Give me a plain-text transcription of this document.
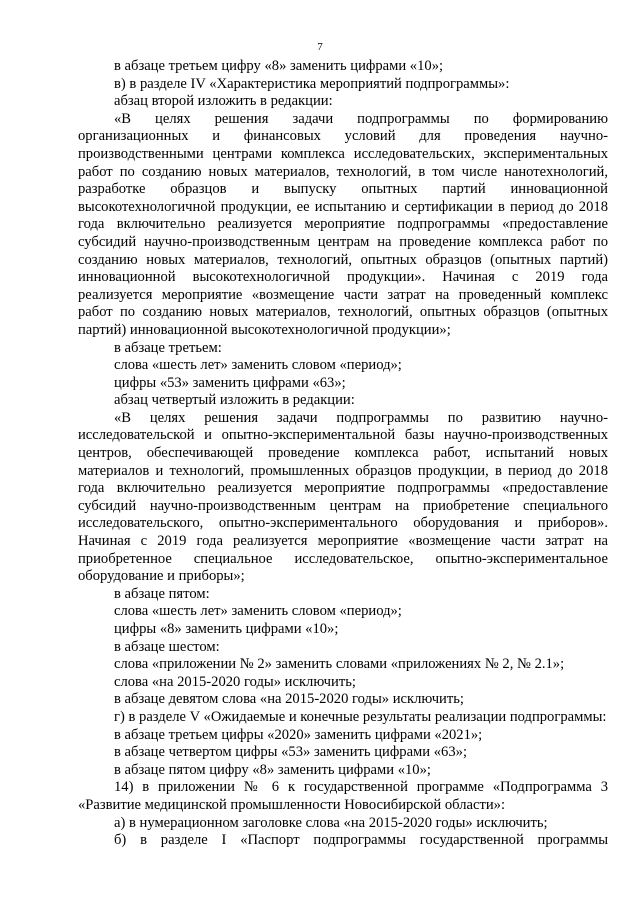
7
в абзаце третьем цифру «8» заменить цифрами «10»;
в) в разделе IV «Характеристика мероприятий подпрограммы»:
абзац второй изложить в редакции:
«В целях решения задачи подпрограммы по формированию
организационных и финансовых условий для проведения научно-
производственными центрами комплекса исследовательских, экспериментальных
работ по созданию новых материалов, технологий, в том числе нанотехнологий,
разработке образцов и выпуску опытных партий инновационной
высокотехнологичной продукции, ее испытанию и сертификации в период до 2018
года включительно реализуется мероприятие подпрограммы «предоставление
субсидий научно-производственным центрам на проведение комплекса работ по
созданию новых материалов, технологий, опытных образцов (опытных партий)
инновационной высокотехнологичной продукции». Начиная с 2019 года
реализуется мероприятие «возмещение части затрат на проведенный комплекс
работ по созданию новых материалов, технологий, опытных образцов (опытных
партий) инновационной высокотехнологичной продукции»;
в абзаце третьем:
слова «шесть лет» заменить словом «период»;
цифры «53» заменить цифрами «63»;
абзац четвертый изложить в редакции:
«В целях решения задачи подпрограммы по развитию научно-
исследовательской и опытно-экспериментальной базы научно-производственных
центров, обеспечивающей проведение комплекса работ, испытаний новых
материалов и технологий, промышленных образцов продукции, в период до 2018
года включительно реализуется мероприятие подпрограммы «предоставление
субсидий научно-производственным центрам на приобретение специального
исследовательского, опытно-экспериментального оборудования и приборов».
Начиная с 2019 года реализуется мероприятие «возмещение части затрат на
приобретенное специальное исследовательское, опытно-экспериментальное
оборудование и приборы»;
в абзаце пятом:
слова «шесть лет» заменить словом «период»;
цифры «8» заменить цифрами «10»;
в абзаце шестом:
слова «приложении № 2» заменить словами «приложениях № 2, № 2.1»;
слова «на 2015-2020 годы» исключить;
в абзаце девятом слова «на 2015-2020 годы» исключить;
г) в разделе V «Ожидаемые и конечные результаты реализации подпрограммы:
в абзаце третьем цифры «2020» заменить цифрами «2021»;
в абзаце четвертом цифры «53» заменить цифрами «63»;
в абзаце пятом цифру «8» заменить цифрами «10»;
14) в приложении № 6 к государственной программе «Подпрограмма 3
«Развитие медицинской промышленности Новосибирской области»:
а) в нумерационном заголовке слова «на 2015-2020 годы» исключить;
б) в разделе I «Паспорт подпрограммы государственной программы
